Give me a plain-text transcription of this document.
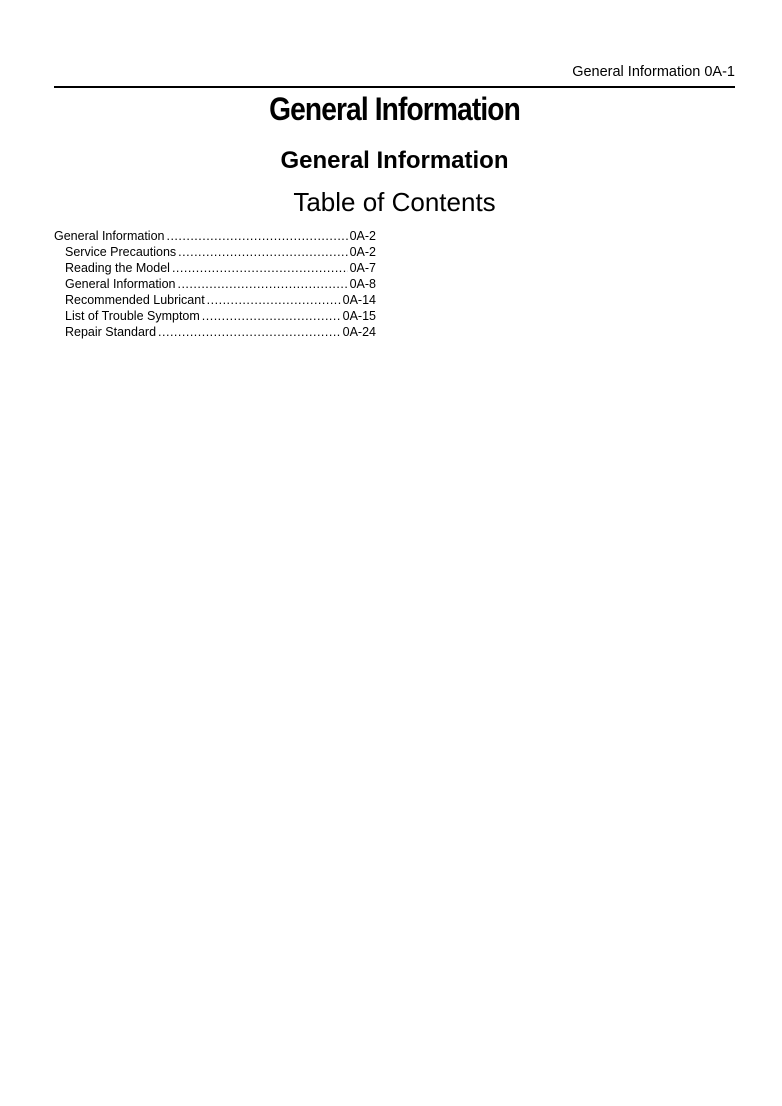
General Information 0A-1
General Information
General Information
Table of Contents
General Information .....	0A-2
Service Precautions .....	0A-2
Reading the Model .....	0A-7
General Information .....	0A-8
Recommended Lubricant .....	0A-14
List of Trouble Symptom .....	0A-15
Repair Standard .....	0A-24
